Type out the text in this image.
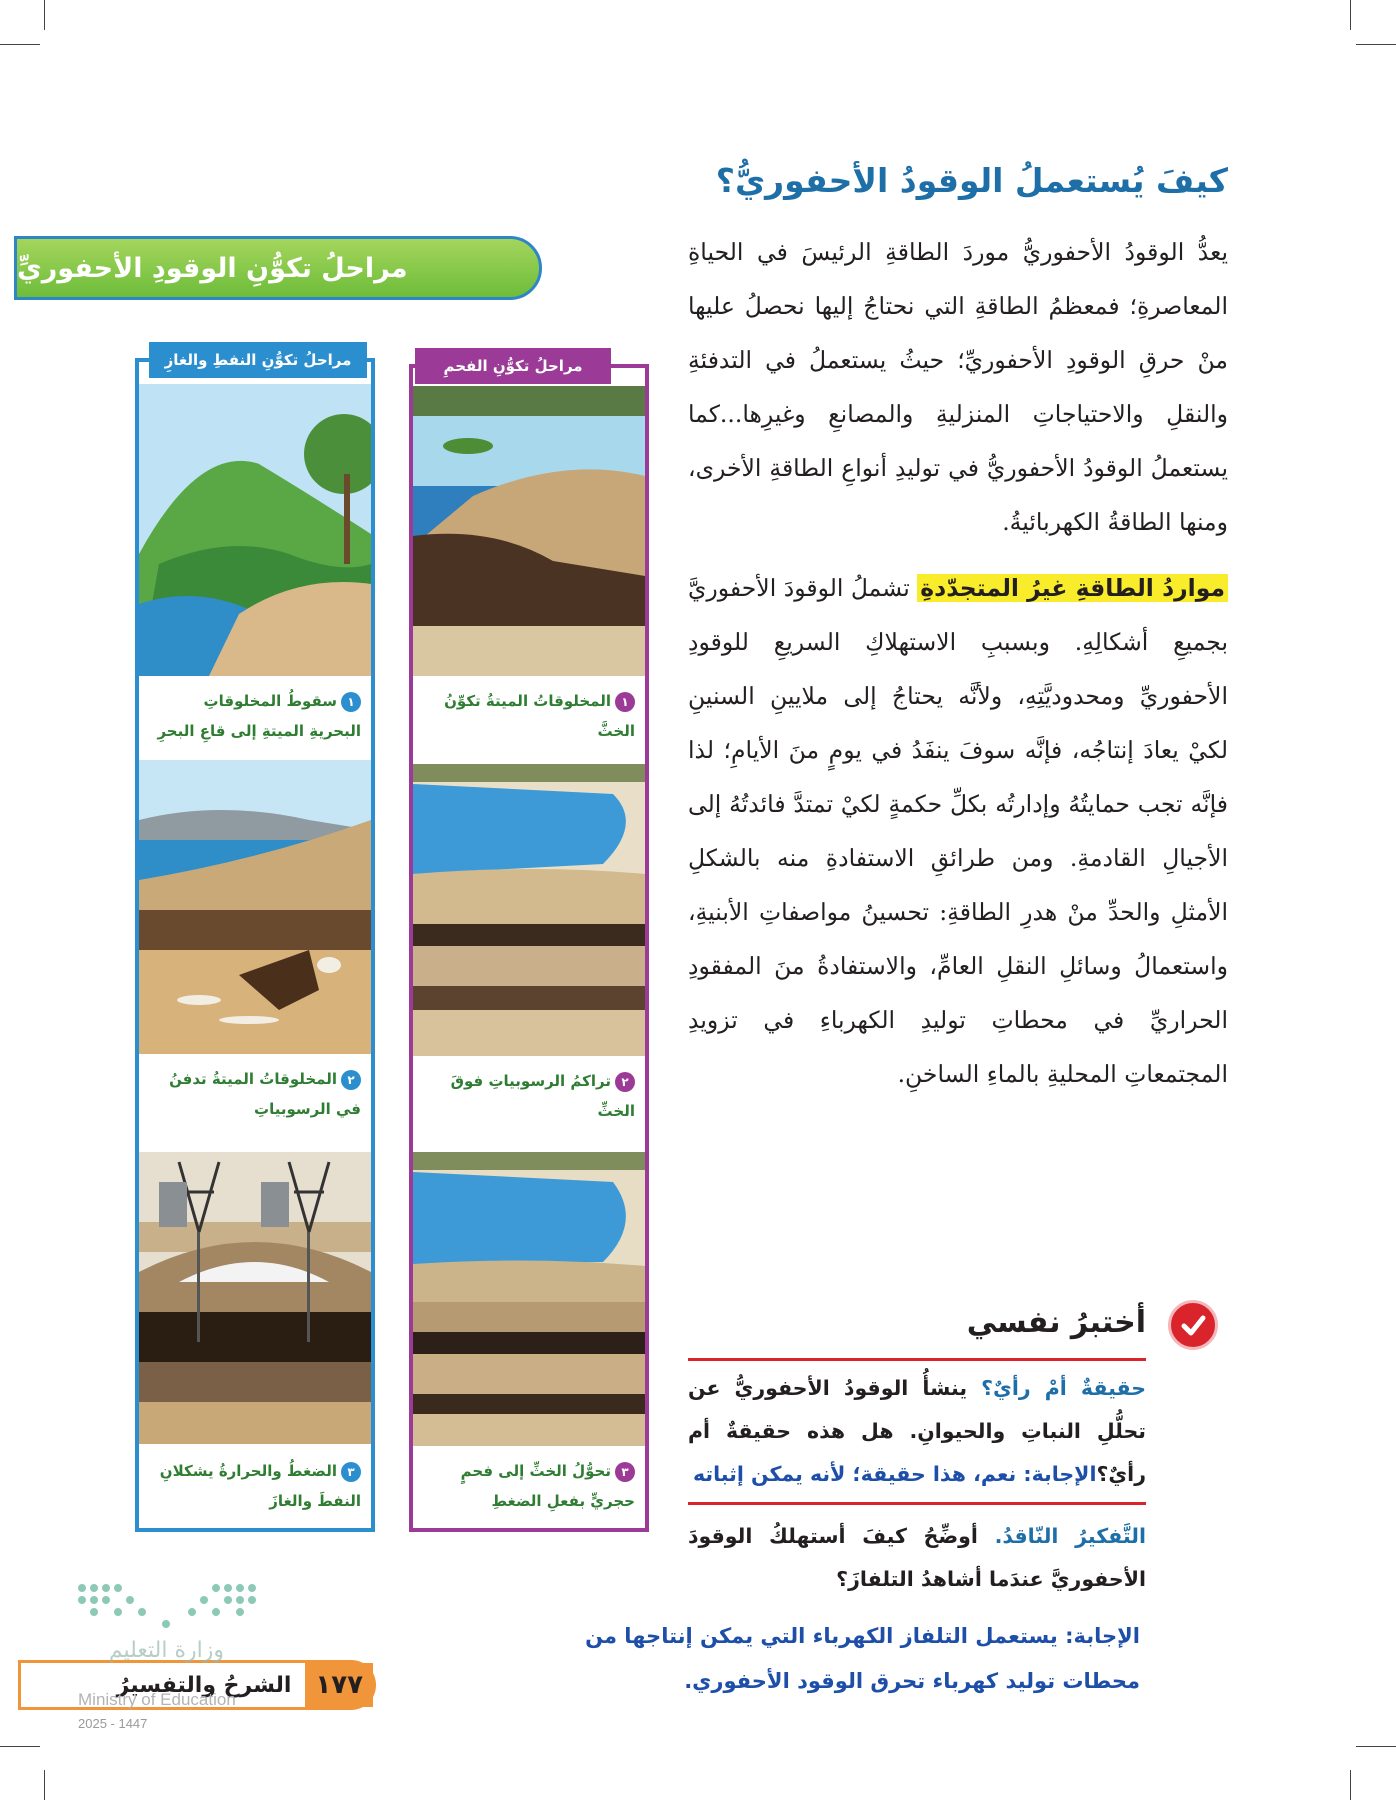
كيفَ يُستعملُ الوقودُ الأحفوريُّ؟

يعدُّ الوقودُ الأحفوريُّ موردَ الطاقةِ الرئيسَ في الحياةِ المعاصرةِ؛ فمعظمُ الطاقةِ التي نحتاجُ إليها نحصلُ عليها منْ حرقِ الوقودِ الأحفوريِّ؛ حيثُ يستعملُ في التدفئةِ والنقلِ والاحتياجاتِ المنزليةِ والمصانعِ وغيرِها...كما يستعملُ الوقودُ الأحفوريُّ في توليدِ أنواعِ الطاقةِ الأخرى، ومنها الطاقةُ الكهربائيةُ.

مواردُ الطاقةِ غيرُ المتجدّدةِ تشملُ الوقودَ الأحفوريَّ بجميعِ أشكالِهِ. وبسببِ الاستهلاكِ السريعِ للوقودِ الأحفوريِّ ومحدوديَّتِهِ، ولأنَّه يحتاجُ إلى ملايينِ السنينِ لكيْ يعادَ إنتاجُه، فإنَّه سوفَ ينفَدُ في يومٍ منَ الأيامِ؛ لذا فإنَّه تجب حمايتُهُ وإدارتُه بكلِّ حكمةٍ لكيْ تمتدَّ فائدتُهُ إلى الأجيالِ القادمةِ. ومن طرائقِ الاستفادةِ منه بالشكلِ الأمثلِ والحدِّ منْ هدرِ الطاقةِ: تحسينُ مواصفاتِ الأبنيةِ، واستعمالُ وسائلِ النقلِ العامِّ، والاستفادةُ منَ المفقودِ الحراريِّ في محطاتِ توليدِ الكهرباءِ في تزويدِ المجتمعاتِ المحليةِ بالماءِ الساخنِ.

أختبرُ نفسي

حقيقةٌ أمْ رأيٌ؟ ينشأُ الوقودُ الأحفوريُّ عن تحلُّلِ النباتِ والحيوانِ. هل هذه حقيقةٌ أم رأيٌ؟الإجابة: نعم، هذا حقيقة؛ لأنه يمكن إثباته

التَّفكيرُ النّاقدُ. أوضِّحُ كيفَ أستهلكُ الوقودَ الأحفوريَّ عندَما أشاهدُ التلفازَ؟

الإجابة: يستعمل التلفاز الكهرباء التي يمكن إنتاجها من محطات توليد كهرباء تحرق الوقود الأحفوري.

مراحلُ تكوُّنِ الوقودِ الأحفوريِّ
مراحلُ تكوُّنِ النفطِ والغازِ
١سقوطُ المخلوقاتِ البحريةِ الميتةِ إلى قاعِ البحرِ
٢المخلوقاتُ الميتةُ تدفنُ في الرسوبياتِ
٣الضغطُ والحرارةُ يشكلانِ النفطَ والغازَ
مراحلُ تكوُّنِ الفحمِ
١المخلوقاتُ الميتةُ تكوِّنُ الخثَّ
٢تراكمُ الرسوبياتِ فوقَ الخثِّ
٣تحوُّلُ الخثِّ إلى فحمٍ حجريٍّ بفعلِ الضغطِ
١٧٧
الشرحُ والتفسيرُ
وزارة التعليم
Ministry of Education
2025 - 1447
